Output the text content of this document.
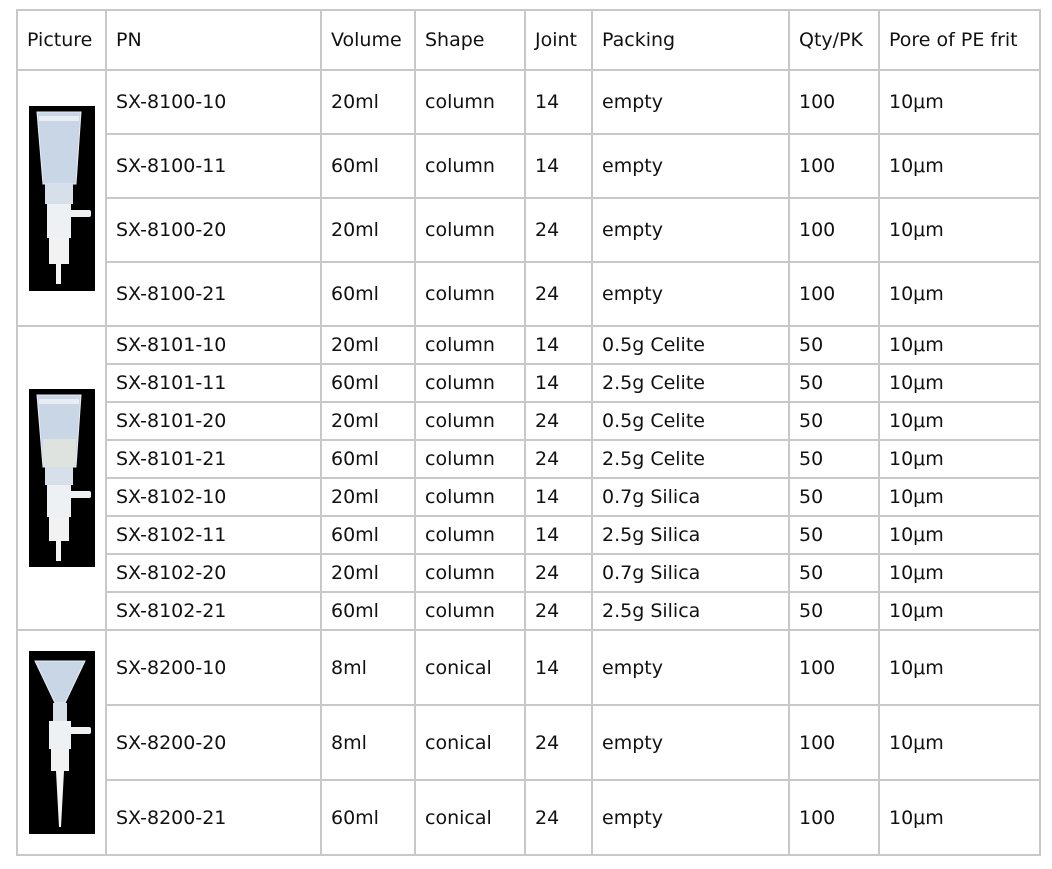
Picture	PN	Volume	Shape	Joint	Packing	Qty/PK	Pore of PE frit

	SX-8100-10	20ml	column	14	empty	100	10μm
	SX-8100-11	60ml	column	14	empty	100	10μm
	SX-8100-20	20ml	column	24	empty	100	10μm
	SX-8100-21	60ml	column	24	empty	100	10μm

	SX-8101-10	20ml	column	14	0.5g Celite	50	10μm
	SX-8101-11	60ml	column	14	2.5g Celite	50	10μm
	SX-8101-20	20ml	column	24	0.5g Celite	50	10μm
	SX-8101-21	60ml	column	24	2.5g Celite	50	10μm
	SX-8102-10	20ml	column	14	0.7g Silica	50	10μm
	SX-8102-11	60ml	column	14	2.5g Silica	50	10μm
	SX-8102-20	20ml	column	24	0.7g Silica	50	10μm
	SX-8102-21	60ml	column	24	2.5g Silica	50	10μm

	SX-8200-10	8ml	conical	14	empty	100	10μm
	SX-8200-20	8ml	conical	24	empty	100	10μm
	SX-8200-21	60ml	conical	24	empty	100	10μm
